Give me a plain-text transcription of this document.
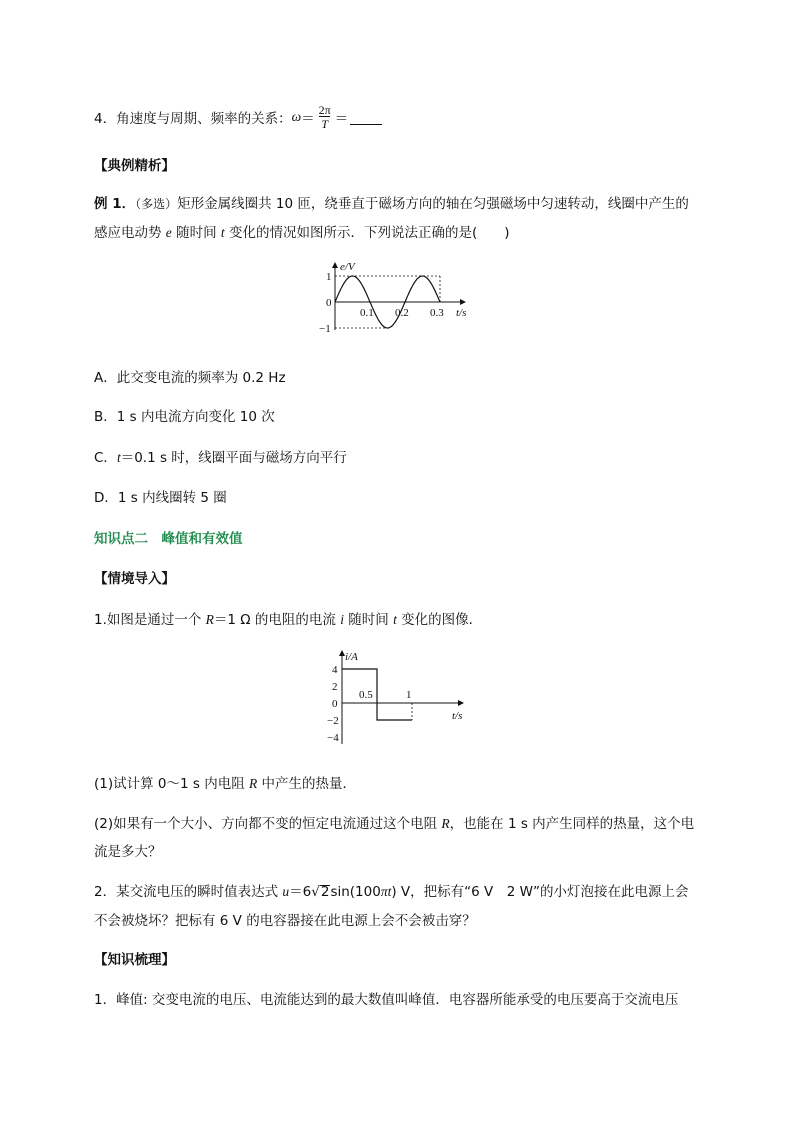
4．角速度与周期、频率的关系： $\omega = \frac{2\pi}{T}$ ＝
【典例精析】
例 1．（多选）矩形金属线圈共 10 匝，绕垂直于磁场方向的轴在匀强磁场中匀速转动，线圈中产生的
感应电动势 e 随时间 t 变化的情况如图所示．下列说法正确的是(　　)
e/V
t/s
0.1 0.2 0.3
1
0
−1
A．此交变电流的频率为 0.2 Hz
B．1 s 内电流方向变化 10 次
C．t＝0.1 s 时，线圈平面与磁场方向平行
D．1 s 内线圈转 5 圈
知识点二　峰值和有效值
【情境导入】
1.如图是通过一个 R＝1 Ω 的电阻的电流 i 随时间 t 变化的图像．
i/A
t/s
0.5	1
4
2
0
−2
−4
(1)试计算 0～1 s 内电阻 R 中产生的热量．
(2)如果有一个大小、方向都不变的恒定电流通过这个电阻 R，也能在 1 s 内产生同样的热量，这个电
流是多大？
2．某交流电压的瞬时值表达式 u＝6√2sin(100πt) V，把标有“6 V　2 W”的小灯泡接在此电源上会
不会被烧坏？把标有 6 V 的电容器接在此电源上会不会被击穿？
【知识梳理】
1．峰值: 交变电流的电压、电流能达到的最大数值叫峰值．电容器所能承受的电压要高于交流电压
